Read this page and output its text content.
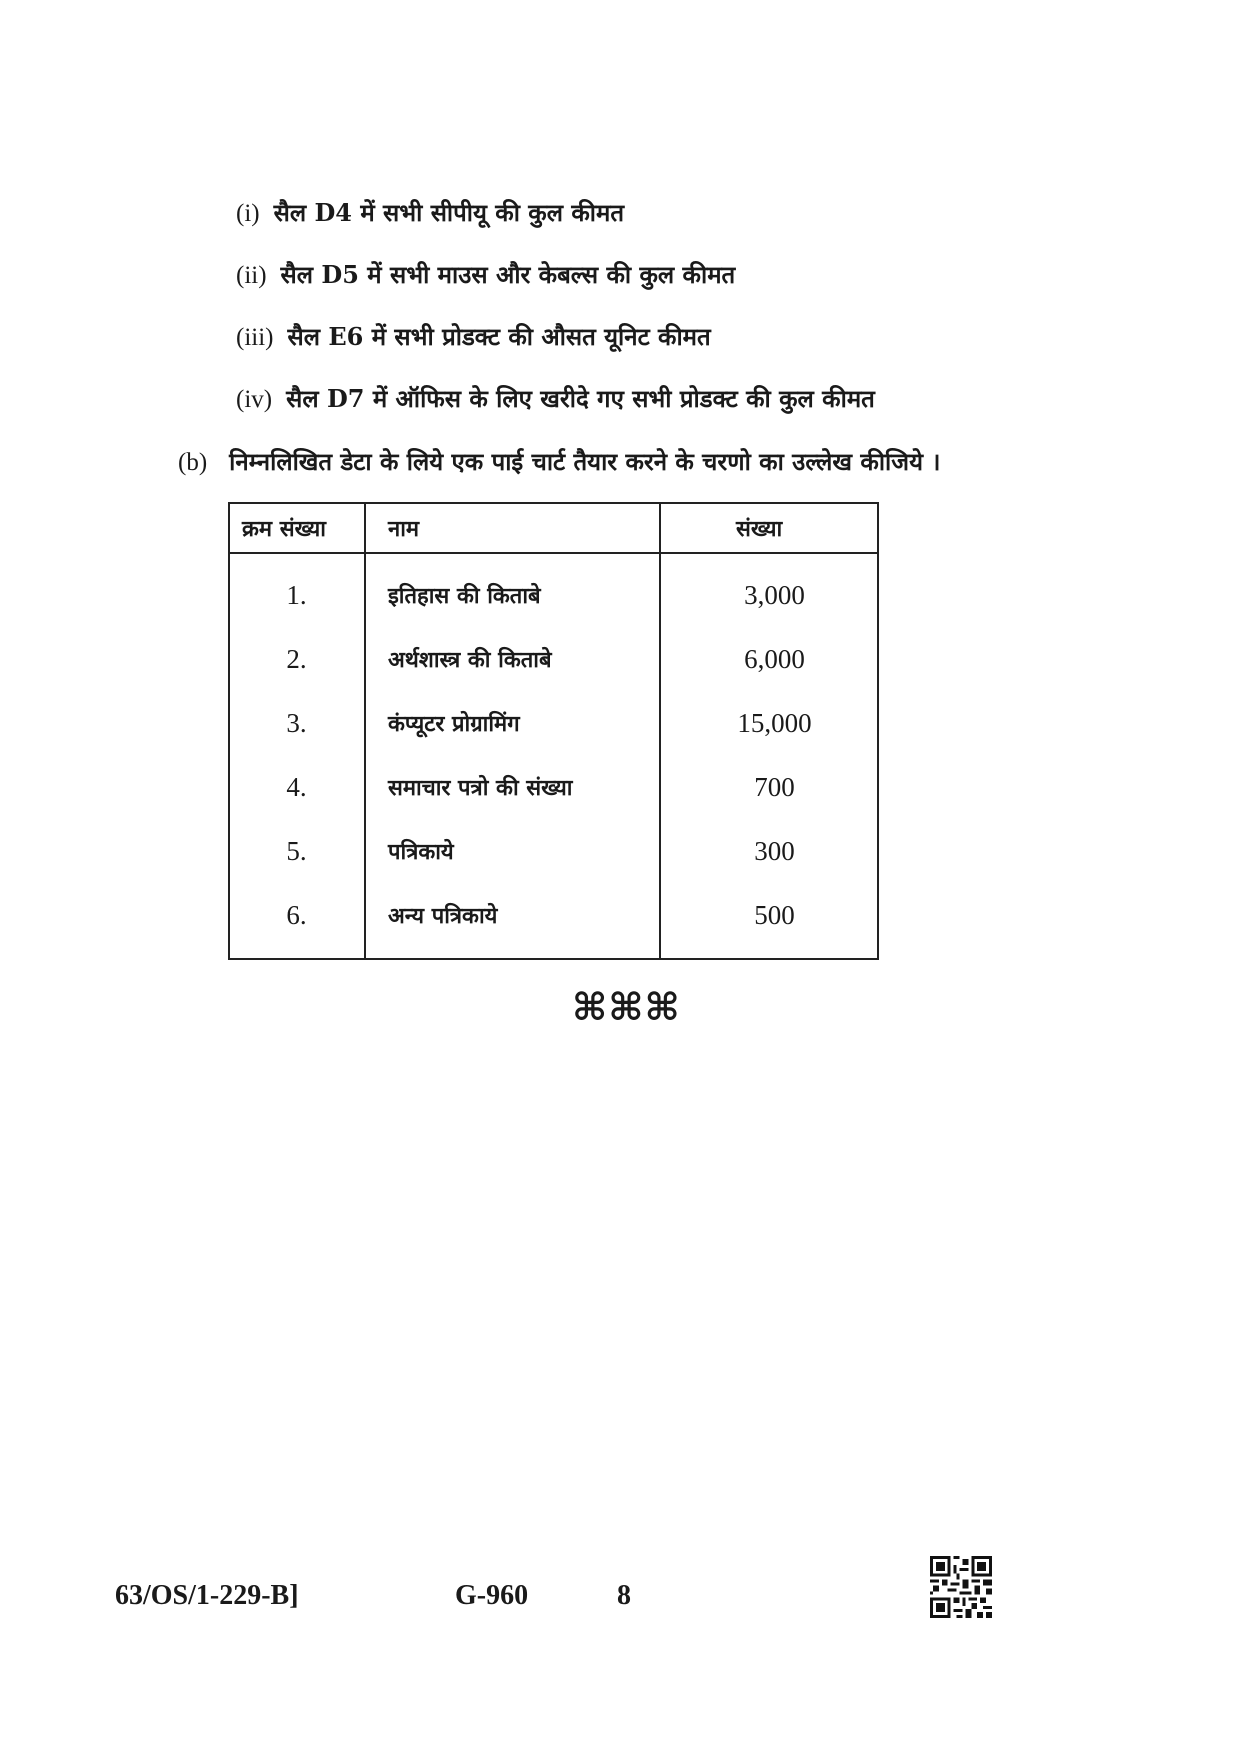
(i) सैल D4 में सभी सीपीयू की कुल कीमत
(ii) सैल D5 में सभी माउस और केबल्स की कुल कीमत
(iii) सैल E6 में सभी प्रोडक्ट की औसत यूनिट कीमत
(iv) सैल D7 में ऑफिस के लिए खरीदे गए सभी प्रोडक्ट की कुल कीमत
(b) निम्नलिखित डेटा के लिये एक पाई चार्ट तैयार करने के चरणो का उल्लेख कीजिये ।
क्रम संख्या	नाम	संख्या
1.	इतिहास की किताबे	3,000
2.	अर्थशास्त्र की किताबे	6,000
3.	कंप्यूटर प्रोग्रामिंग	15,000
4.	समाचार पत्रो की संख्या	700
5.	पत्रिकाये	300
6.	अन्य पत्रिकाये	500
⌘⌘⌘
63/OS/1-229-B]	G-960	8
